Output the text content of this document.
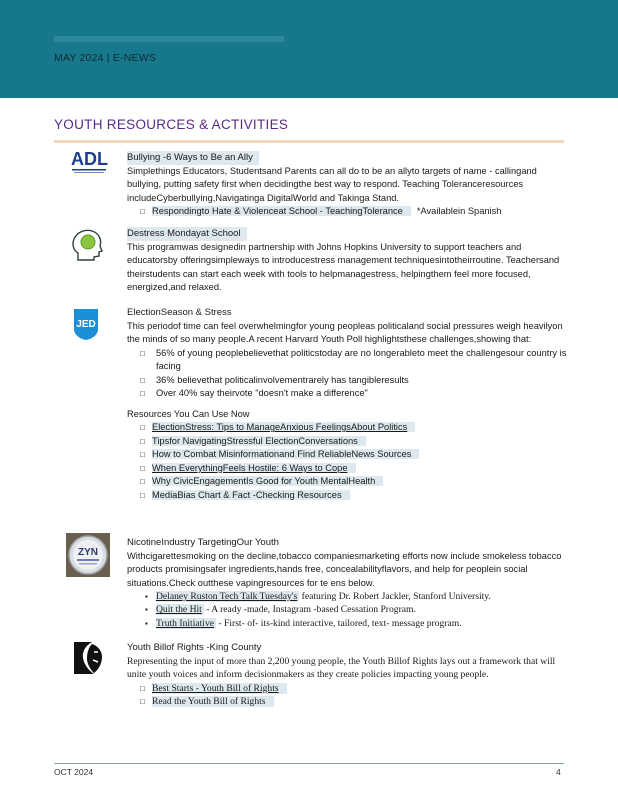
MAY 2024 | E-NEWS
YOUTH RESOURCES & ACTIVITIES
ADL Bullying -6 Ways to Be an Ally
Simplethings Educators, Studentsand Parents can all do to be an allyto targets of name - callingand bullying, putting safety first when decidingthe best way to respond. Teaching Toleranceresources includeCyberbullying,Navigatinga DigitalWorld and Takinga Stand.
□ Respondingto Hate & Violenceat School - TeachingTolerance *Availablein Spanish
Destress Mondayat School
This programwas designedin partnership with Johns Hopkins University to support teachers and educatorsby offeringsimpleways to introducestress management techniquesintotheirroutine. Teachersand theirstudents can start each week with tools to helpmanagestress, helpingthem feel more focused, energized,and relaxed.
JED
ElectionSeason & Stress
This periodof time can feel overwhelmingfor young peopleas politicaland social pressures weigh heavilyon the minds of so many people.A recent Harvard Youth Poll highlightsthese challenges,showing that:
□ 56% of young peoplebelievethat politicstoday are no longerableto meet the challengesour country is facing
□ 36% believethat politicalinvolvementrarely has tangibleresults
□ Over 40% say theirvote "doesn't make a difference"
Resources You Can Use Now
□ ElectionStress: Tips to ManageAnxious FeelingsAbout Politics
□ Tipsfor NavigatingStressful ElectionConversations
□ How to Combat Misinformationand Find ReliableNews Sources
□ When EverythingFeels Hostile: 6 Ways to Cope
□ Why CivicEngagementIs Good for Youth MentalHealth
□ MediaBias Chart & Fact -Checking Resources
ZYN
NicotineIndustry TargetingOur Youth
Withcigarettesmoking on the decline,tobacco companiesmarketing efforts now include smokeless tobacco products promisingsafer ingredients,hands free, concealabilityflavors, and help for peoplein social situations.Check outthese vapingresources for te ens below.
▪ Delaney Ruston Tech Talk Tuesday's featuring Dr. Robert Jackler, Stanford University.
▪ Quit the Hit - A ready -made, Instagram -based Cessation Program.
▪ Truth Initiative - First- of- its-kind interactive, tailored, text- message program.
Youth Billof Rights -King County
Representing the input of more than 2,200 young people, the Youth Billof Rights lays out a framework that will unite youth voices and inform decisionmakers as they create policies impacting young people.
□ Best Starts - Youth Bill of Rights
□ Read the Youth Bill of Rights
OCT 2024	4
